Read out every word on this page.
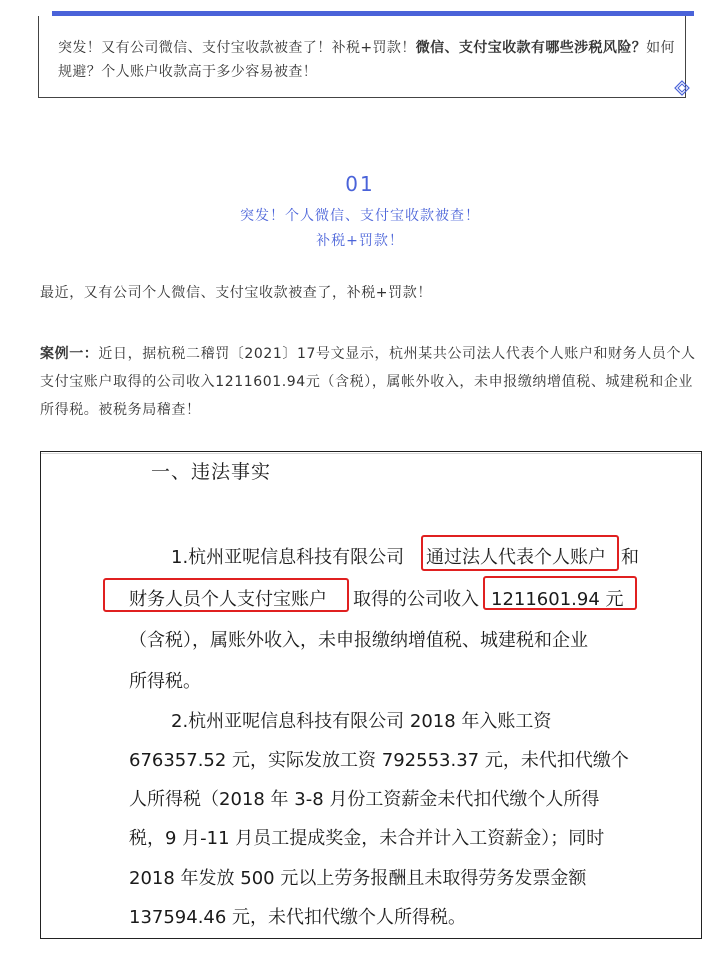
突发！又有公司微信、支付宝收款被查了！补税+罚款！微信、支付宝收款有哪些涉税风险？如何规避？个人账户收款高于多少容易被查！
01
突发！个人微信、支付宝收款被查！
补税+罚款！
最近，又有公司个人微信、支付宝收款被查了，补税+罚款！
案例一：近日，据杭税二稽罚〔2021〕17号文显示，杭州某共公司法人代表个人账户和财务人员个人支付宝账户取得的公司收入1211601.94元（含税），属帐外收入，未申报缴纳增值税、城建税和企业所得税。被税务局稽查！
一、违法事实
1.杭州亚呢信息科技有限公司 通过法人代表个人账户 和
财务人员个人支付宝账户 取得的公司收入 1211601.94 元
（含税），属账外收入，未申报缴纳增值税、城建税和企业
所得税。
2.杭州亚呢信息科技有限公司 2018 年入账工资
676357.52 元，实际发放工资 792553.37 元，未代扣代缴个
人所得税（2018 年 3-8 月份工资薪金未代扣代缴个人所得
税，9 月-11 月员工提成奖金，未合并计入工资薪金）；同时
2018 年发放 500 元以上劳务报酬且未取得劳务发票金额
137594.46 元，未代扣代缴个人所得税。
